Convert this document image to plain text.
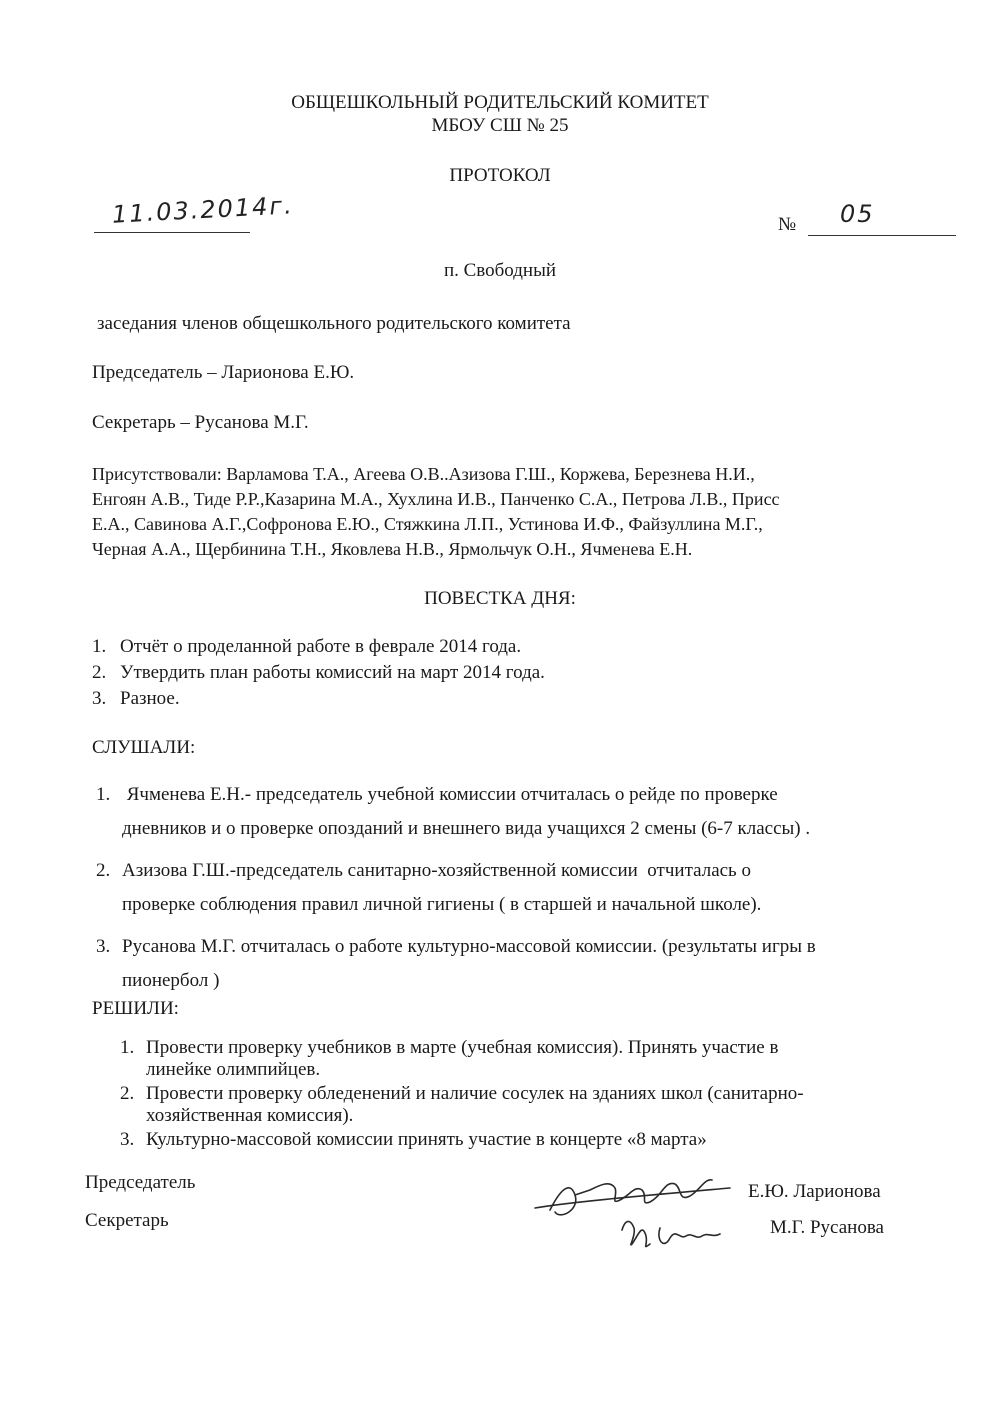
ОБЩЕШКОЛЬНЫЙ РОДИТЕЛЬСКИЙ КОМИТЕТ
МБОУ СШ № 25
ПРОТОКОЛ
11.03.2014г.	№ 05
п. Свободный
заседания членов общешкольного родительского комитета
Председатель – Ларионова Е.Ю.
Секретарь – Русанова М.Г.
Присутствовали: Варламова Т.А., Агеева О.В..Азизова Г.Ш., Коржева, Березнева Н.И.,
Енгоян А.В., Тиде Р.Р.,Казарина М.А., Хухлина И.В., Панченко С.А., Петрова Л.В., Присс
Е.А., Савинова А.Г.,Софронова Е.Ю., Стяжкина Л.П., Устинова И.Ф., Файзуллина М.Г.,
Черная А.А., Щербинина Т.Н., Яковлева Н.В., Ярмольчук О.Н., Ячменева Е.Н.
ПОВЕСТКА ДНЯ:
1. Отчёт о проделанной работе в феврале 2014 года.
2. Утвердить план работы комиссий на март 2014 года.
3. Разное.
СЛУШАЛИ:
1. Ячменева Е.Н.- председатель учебной комиссии отчиталась о рейде по проверке
дневников и о проверке опозданий и внешнего вида учащихся 2 смены (6-7 классы) .
2. Азизова Г.Ш.-председатель санитарно-хозяйственной комиссии  отчиталась о
проверке соблюдения правил личной гигиены ( в старшей и начальной школе).
3. Русанова М.Г. отчиталась о работе культурно-массовой комиссии. (результаты игры в
пионербол )
РЕШИЛИ:
1. Провести проверку учебников в марте (учебная комиссия). Принять участие в
линейке олимпийцев.
2. Провести проверку обледенений и наличие сосулек на зданиях школ (санитарно-
хозяйственная комиссия).
3. Культурно-массовой комиссии принять участие в концерте «8 марта»
Председатель
Секретарь
Е.Ю. Ларионова
М.Г. Русанова
